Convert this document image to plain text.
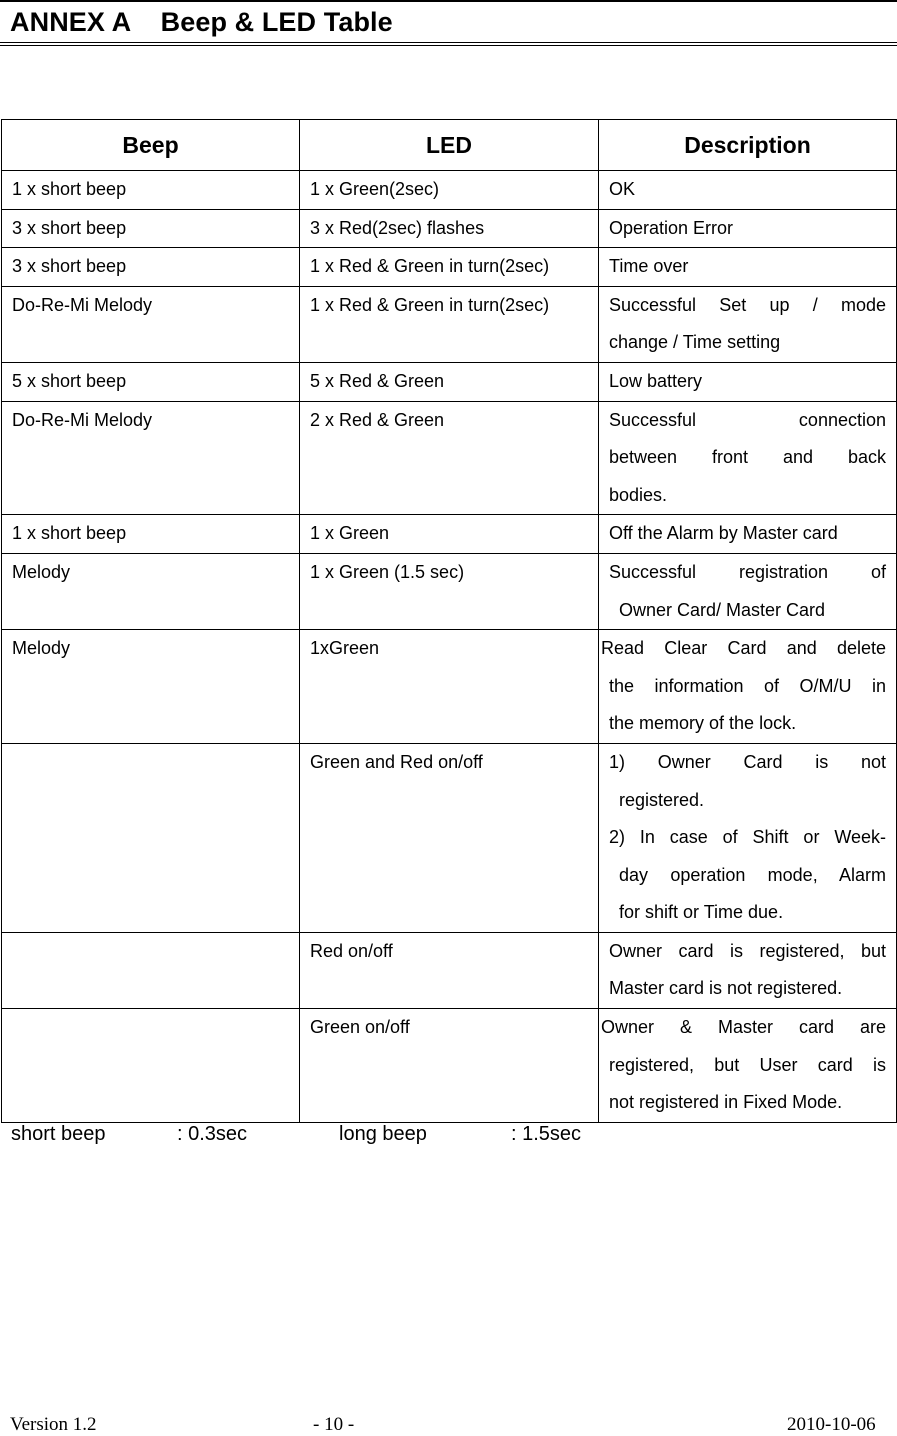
ANNEX A    Beep & LED Table
Beep	LED	Description
1 x short beep	1 x Green(2sec)	OK

3 x short beep	3 x Red(2sec) flashes	Operation Error

3 x short beep	1 x Red & Green in turn(2sec)	Time over

Do-Re-Mi Melody	1 x Red & Green in turn(2sec)	Successful Set up / mode
change / Time setting

5 x short beep	5 x Red & Green	Low battery

Do-Re-Mi Melody	2 x Red & Green	Successful connection
between front and back
bodies.

1 x short beep	1 x Green	Off the Alarm by Master card

Melody	1 x Green (1.5 sec)	Successful registration of
Owner Card/ Master Card

Melody	1xGreen	Read Clear Card and delete
the information of O/M/U in
the memory of the lock.

	Green and Red on/off	1) Owner Card is not
registered.
2) In case of Shift or Week-
day operation mode, Alarm
for shift or Time due.

	Red on/off	Owner card is registered, but
Master card is not registered.

	Green on/off	Owner & Master card are
registered, but User card is
not registered in Fixed Mode.

short beep

	: 0.3sec

	long beep

	: 1.5sec

Version 1.2	- 10 -	2010-10-06
